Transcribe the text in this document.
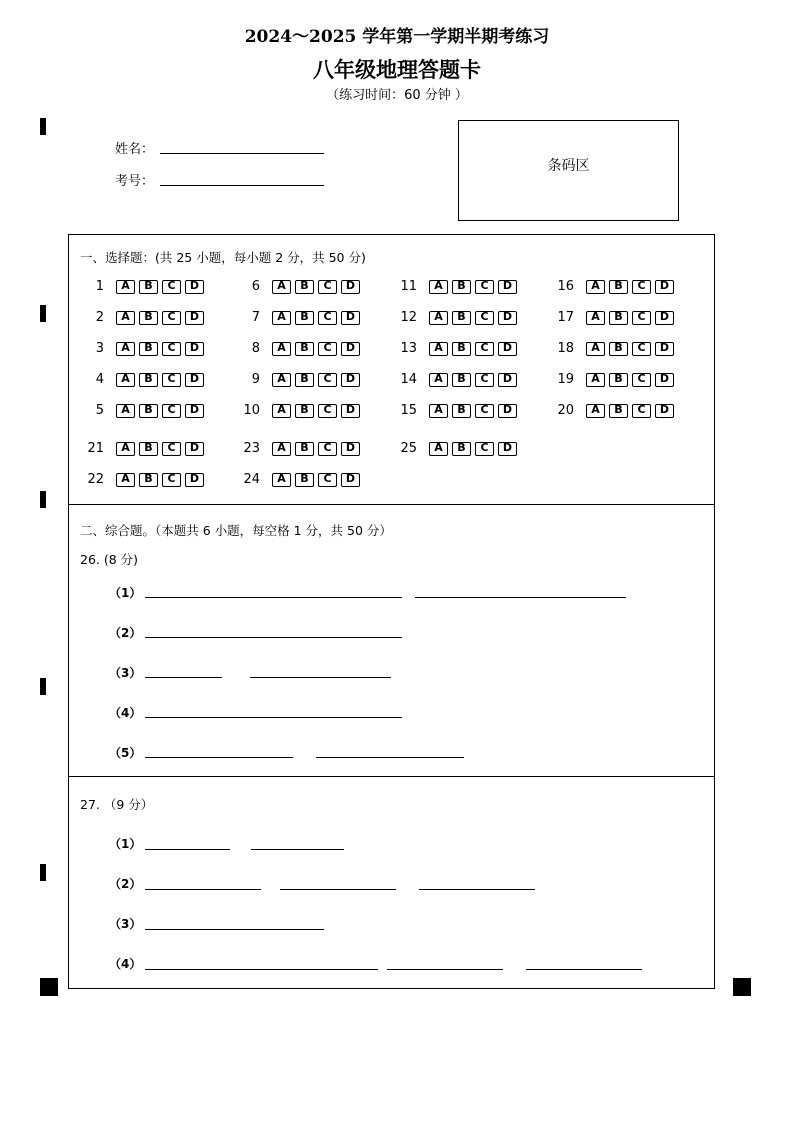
2024～2025 学年第一学期半期考练习
八年级地理答题卡
（练习时间：60 分钟 ）
姓名：
考号：
条码区
一、选择题：(共 25 小题，每小题 2 分，共 50 分)
1	A	B	C	D
2	A	B	C	D
3	A	B	C	D
4	A	B	C	D
5	A	B	C	D
6	A	B	C	D
7	A	B	C	D
8	A	B	C	D
9	A	B	C	D
10	A	B	C	D
11	A	B	C	D
12	A	B	C	D
13	A	B	C	D
14	A	B	C	D
15	A	B	C	D
16	A	B	C	D
17	A	B	C	D
18	A	B	C	D
19	A	B	C	D
20	A	B	C	D
21	A	B	C	D	23	A	B	C	D	25	A	B	C	D
22	A	B	C	D	24	A	B	C	D
二、综合题。（本题共 6 小题，每空格 1 分，共 50 分）
26. (8 分)
（1）
（2）
（3）
（4）
（5）
27. （9 分）
（1）
（2）
（3）
（4）
